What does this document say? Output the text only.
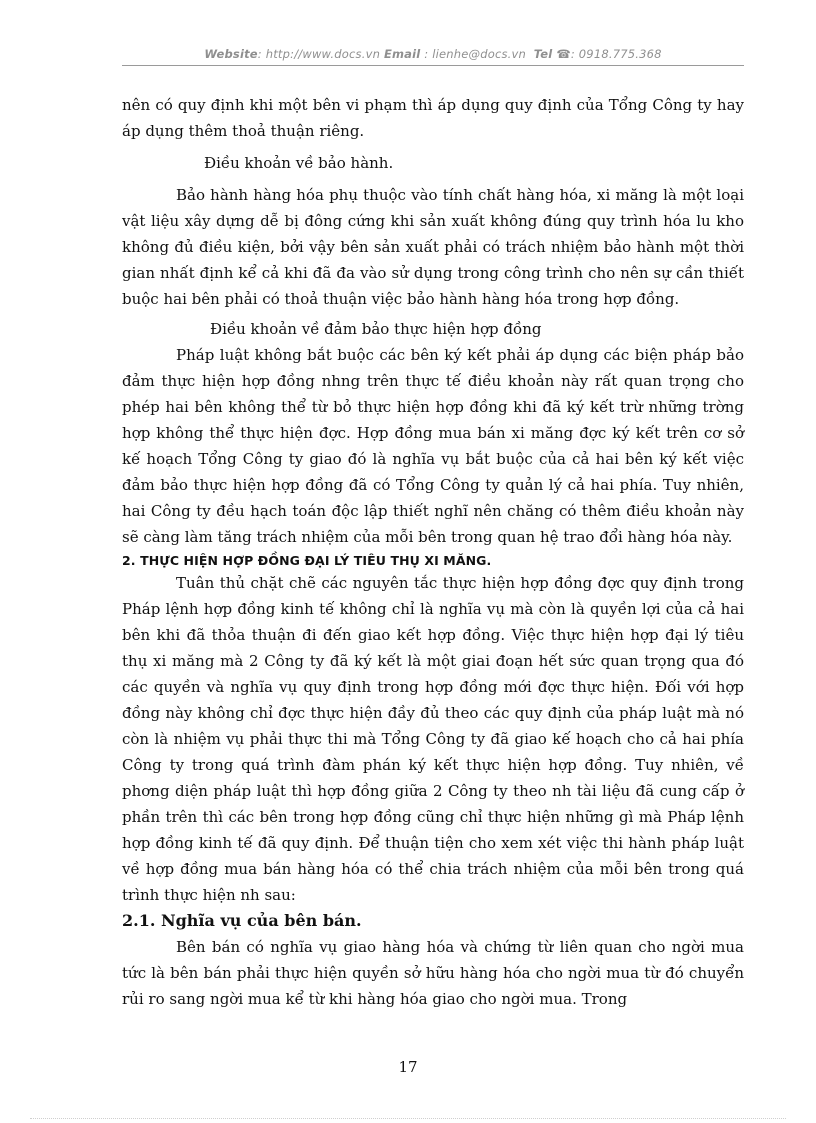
Website: http://www.docs.vn Email : lienhe@docs.vn Tel ☎: 0918.775.368

nên có quy định khi một bên vi phạm thì áp dụng quy định của Tổng Công ty hay áp dụng thêm thoả thuận riêng.

Điều khoản về bảo hành.

Bảo hành hàng hóa phụ thuộc vào tính chất hàng hóa, xi măng là một loại vật liệu xây dựng dễ bị đông cứng khi sản xuất không đúng quy trình hóa lu kho không đủ điều kiện, bởi vậy bên sản xuất phải có trách nhiệm bảo hành một thời gian nhất định kể cả khi đã đa vào sử dụng trong công trình cho nên sự cần thiết buộc hai bên phải có thoả thuận việc bảo hành hàng hóa trong hợp đồng.

Điều khoản về đảm bảo thực hiện hợp đồng

Pháp luật không bắt buộc các bên ký kết phải áp dụng các biện pháp bảo đảm thực hiện hợp đồng nhng trên thực tế điều khoản này rất quan trọng cho phép hai bên không thể từ bỏ thực hiện hợp đồng khi đã ký kết trừ những trờng hợp không thể thực hiện đợc. Hợp đồng mua bán xi măng đợc ký kết trên cơ sở kế hoạch Tổng Công ty giao đó là nghĩa vụ bắt buộc của cả hai bên ký kết việc đảm bảo thực hiện hợp đồng đã có Tổng Công ty quản lý cả hai phía. Tuy nhiên, hai Công ty đều hạch toán độc lập thiết nghĩ nên chăng có thêm điều khoản này sẽ càng làm tăng trách nhiệm của mỗi bên trong quan hệ trao đổi hàng hóa này.

2. THỰC HIỆN HỢP ĐỒNG ĐẠI LÝ TIÊU THỤ XI MĂNG.

Tuân thủ chặt chẽ các nguyên tắc thực hiện hợp đồng đợc quy định trong Pháp lệnh hợp đồng kinh tế không chỉ là nghĩa vụ mà còn là quyền lợi của cả hai bên khi đã thỏa thuận đi đến giao kết hợp đồng. Việc thực hiện hợp đại lý tiêu thụ xi măng mà 2 Công ty đã ký kết là một giai đoạn hết sức quan trọng qua đó các quyền và nghĩa vụ quy định trong hợp đồng mới đợc thực hiện. Đối với hợp đồng này không chỉ đợc thực hiện đầy đủ theo các quy định của pháp luật mà nó còn là nhiệm vụ phải thực thi mà Tổng Công ty đã giao kế hoạch cho cả hai phía Công ty trong quá trình đàm phán ký kết thực hiện hợp đồng. Tuy nhiên, về phơng diện pháp luật thì hợp đồng giữa 2 Công ty theo nh tài liệu đã cung cấp ở phần trên thì các bên trong hợp đồng cũng chỉ thực hiện những gì mà Pháp lệnh hợp đồng kinh tế đã quy định. Để thuận tiện cho xem xét việc thi hành pháp luật về hợp đồng mua bán hàng hóa có thể chia trách nhiệm của mỗi bên trong quá trình thực hiện nh sau:

2.1. Nghĩa vụ của bên bán.

Bên bán có nghĩa vụ giao hàng hóa và chứng từ liên quan cho ngời mua tức là bên bán phải thực hiện quyền sở hữu hàng hóa cho ngời mua từ đó chuyển rủi ro sang ngời mua kể từ khi hàng hóa giao cho ngời mua. Trong

17
